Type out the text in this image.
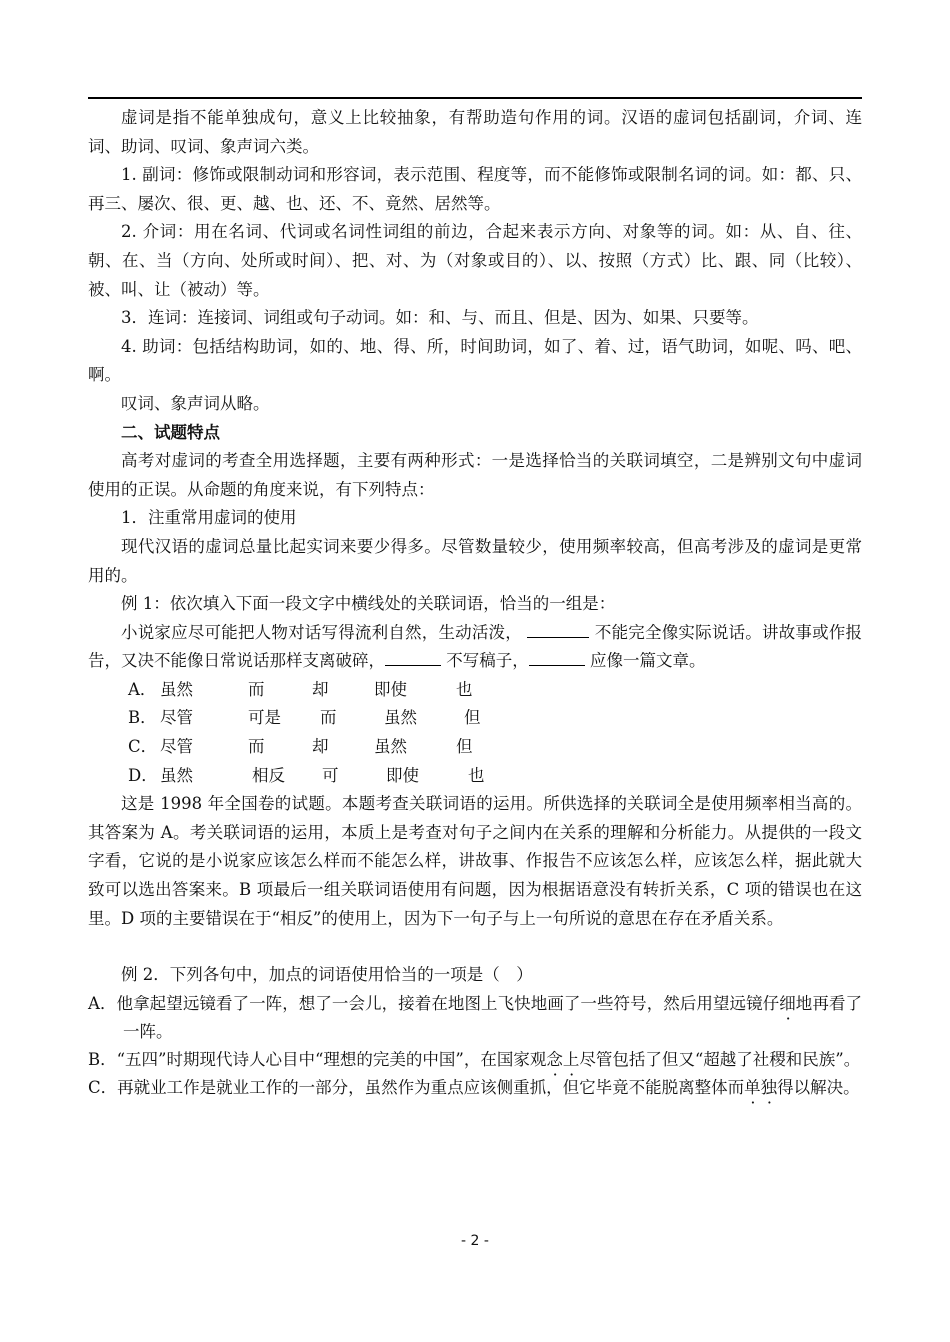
虚词是指不能单独成句，意义上比较抽象，有帮助造句作用的词。汉语的虚词包括副词，介词、连词、助词、叹词、象声词六类。

1. 副词：修饰或限制动词和形容词，表示范围、程度等，而不能修饰或限制名词的词。如：都、只、再三、屡次、很、更、越、也、还、不、竟然、居然等。

2. 介词：用在名词、代词或名词性词组的前边，合起来表示方向、对象等的词。如：从、自、往、朝、在、当（方向、处所或时间）、把、对、为（对象或目的）、以、按照（方式）比、跟、同（比较）、被、叫、让（被动）等。

3．连词：连接词、词组或句子动词。如：和、与、而且、但是、因为、如果、只要等。

4. 助词：包括结构助词，如的、地、得、所，时间助词，如了、着、过，语气助词，如呢、吗、吧、啊。

叹词、象声词从略。

二、试题特点

高考对虚词的考查全用选择题，主要有两种形式：一是选择恰当的关联词填空，二是辨别文句中虚词使用的正误。从命题的角度来说，有下列特点：

1．注重常用虚词的使用

现代汉语的虚词总量比起实词来要少得多。尽管数量较少，使用频率较高，但高考涉及的虚词是更常用的。

例 1：依次填入下面一段文字中横线处的关联词语，恰当的一组是：

小说家应尽可能把人物对话写得流利自然，生动活泼，	不能完全像实际说话。讲故事或作报告，又决不能像日常说话那样支离破碎，	不写稿子，	应像一篇文章。

A． 虽然	而	却	即使	也
B． 尽管	可是 而	虽然	但
C． 尽管	而	却	虽然	但
D． 虽然	相反 可	即使	也

这是 1998 年全国卷的试题。本题考查关联词语的运用。所供选择的关联词全是使用频率相当高的。其答案为 A。考关联词语的运用，本质上是考查对句子之间内在关系的理解和分析能力。从提供的一段文字看，它说的是小说家应该怎么样而不能怎么样，讲故事、作报告不应该怎么样，应该怎么样，据此就大致可以选出答案来。B 项最后一组关联词语使用有问题，因为根据语意没有转折关系，C 项的错误也在这里。D 项的主要错误在于“相反”的使用上，因为下一句子与上一句所说的意思在存在矛盾关系。

例 2．下列各句中，加点的词语使用恰当的一项是（　）

A．他拿起望远镜看了一阵，想了一会儿，接着在地图上飞快地画了一些符号，然后用望远镜仔细地再看了一阵。

B．“五四”时期现代诗人心目中“理想的完美的中国”，在国家观念上尽管包括了但又“超越了社稷和民族”。

C．再就业工作是就业工作的一部分，虽然作为重点应该侧重抓，但它毕竟不能脱离整体而单独得以解决。

- 2 -
